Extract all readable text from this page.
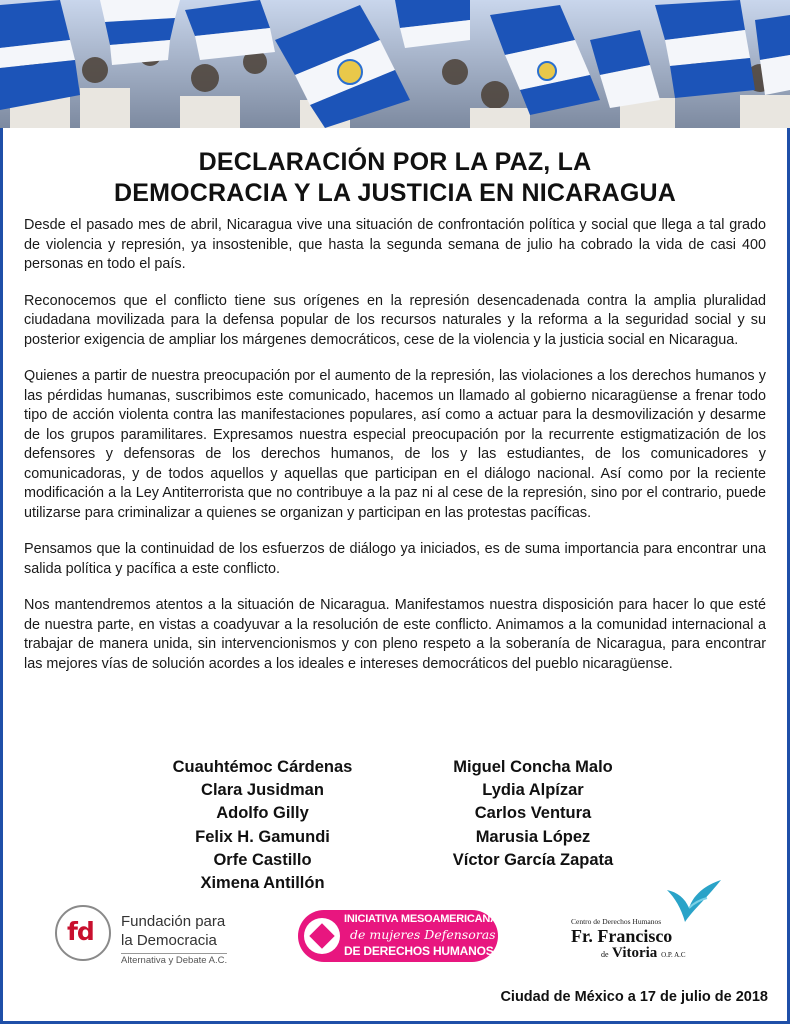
DECLARACIÓN POR LA PAZ, LA
DEMOCRACIA Y LA JUSTICIA EN NICARAGUA

Desde el pasado mes de abril, Nicaragua vive una situación de confrontación política y social que llega a tal grado de violencia y represión, ya insostenible, que hasta la segunda semana de julio ha cobrado la vida de casi 400 personas en todo el país.

Reconocemos que el conflicto tiene sus orígenes en la represión desencadenada contra la amplia pluralidad ciudadana movilizada para la defensa popular de los recursos naturales y la reforma a la seguridad social y su posterior exigencia de ampliar los márgenes democráticos, cese de la violencia y la justicia social en Nicaragua.

Quienes a partir de nuestra preocupación por el aumento de la represión, las violaciones a los derechos humanos y las pérdidas humanas, suscribimos este comunicado, hacemos un llamado al gobierno nicaragüense a frenar todo tipo de acción violenta contra las manifestaciones populares, así como a actuar para la desmovilización y desarme de los grupos paramilitares. Expresamos nuestra especial preocupación por la recurrente estigmatización de los defensores y defensoras de los derechos humanos, de los y las estudiantes, de los comunicadores y comunicadoras, y de todos aquellos y aquellas que participan en el diálogo nacional. Así como por la reciente modificación a la Ley Antiterrorista que no contribuye a la paz ni al cese de la represión, sino por el contrario, puede utilizarse para criminalizar a quienes se organizan y participan en las protestas pacíficas.

Pensamos que la continuidad de los esfuerzos de diálogo ya iniciados, es de suma importancia para encontrar una salida política y pacífica a este conflicto.

Nos mantendremos atentos a la situación de Nicaragua. Manifestamos nuestra disposición para hacer lo que esté de nuestra parte, en vistas a coadyuvar a la resolución de este conflicto. Animamos a la comunidad internacional a trabajar de manera unida, sin intervencionismos y con pleno respeto a la soberanía de Nicaragua, para encontrar las mejores vías de solución acordes a los ideales e intereses democráticos del pueblo nicaragüense.

Cuauhtémoc Cárdenas
Clara Jusidman
Adolfo Gilly
Felix H. Gamundi
Orfe Castillo
Ximena Antillón
Miguel Concha Malo
Lydia Alpízar
Carlos Ventura
Marusia López
Víctor García Zapata
fd Fundación para
la Democracia
Alternativa y Debate A.C.
INICIATIVA MESOAMERICANA
de mujeres Defensoras
DE DERECHOS HUMANOS
Centro de Derechos Humanos
Fr. Francisco
de Vitoria O.P. A.C
Ciudad de México a 17 de julio de 2018
